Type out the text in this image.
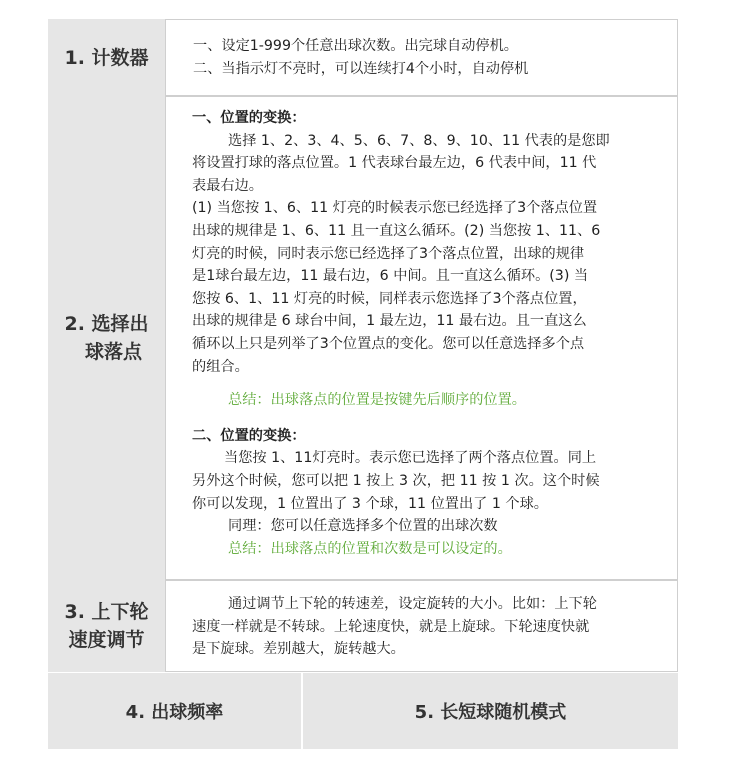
1. 计数器
一、设定1-999个任意出球次数。出完球自动停机。
二、当指示灯不亮时，可以连续打4个小时，自动停机
2. 选择出
球落点
一、位置的变换：
选择 1、2、3、4、5、6、7、8、9、10、11 代表的是您即
将设置打球的落点位置。1 代表球台最左边，6 代表中间，11 代
表最右边。
(1) 当您按 1、6、11 灯亮的时候表示您已经选择了3个落点位置
出球的规律是 1、6、11 且一直这么循环。(2) 当您按 1、11、6
灯亮的时候，同时表示您已经选择了3个落点位置，出球的规律
是1球台最左边，11 最右边，6 中间。且一直这么循环。(3) 当
您按 6、1、11 灯亮的时候，同样表示您选择了3个落点位置，
出球的规律是 6 球台中间，1 最左边，11 最右边。且一直这么
循环以上只是列举了3个位置点的变化。您可以任意选择多个点
的组合。
总结：出球落点的位置是按键先后顺序的位置。
二、位置的变换：
当您按 1、11灯亮时。表示您已选择了两个落点位置。同上
另外这个时候，您可以把 1 按上 3 次，把 11 按 1 次。这个时候
你可以发现，1 位置出了 3 个球，11 位置出了 1 个球。
同理：您可以任意选择多个位置的出球次数
总结：出球落点的位置和次数是可以设定的。
3. 上下轮
速度调节
通过调节上下轮的转速差，设定旋转的大小。比如：上下轮
速度一样就是不转球。上轮速度快，就是上旋球。下轮速度快就
是下旋球。差别越大，旋转越大。
4. 出球频率	5. 长短球随机模式
